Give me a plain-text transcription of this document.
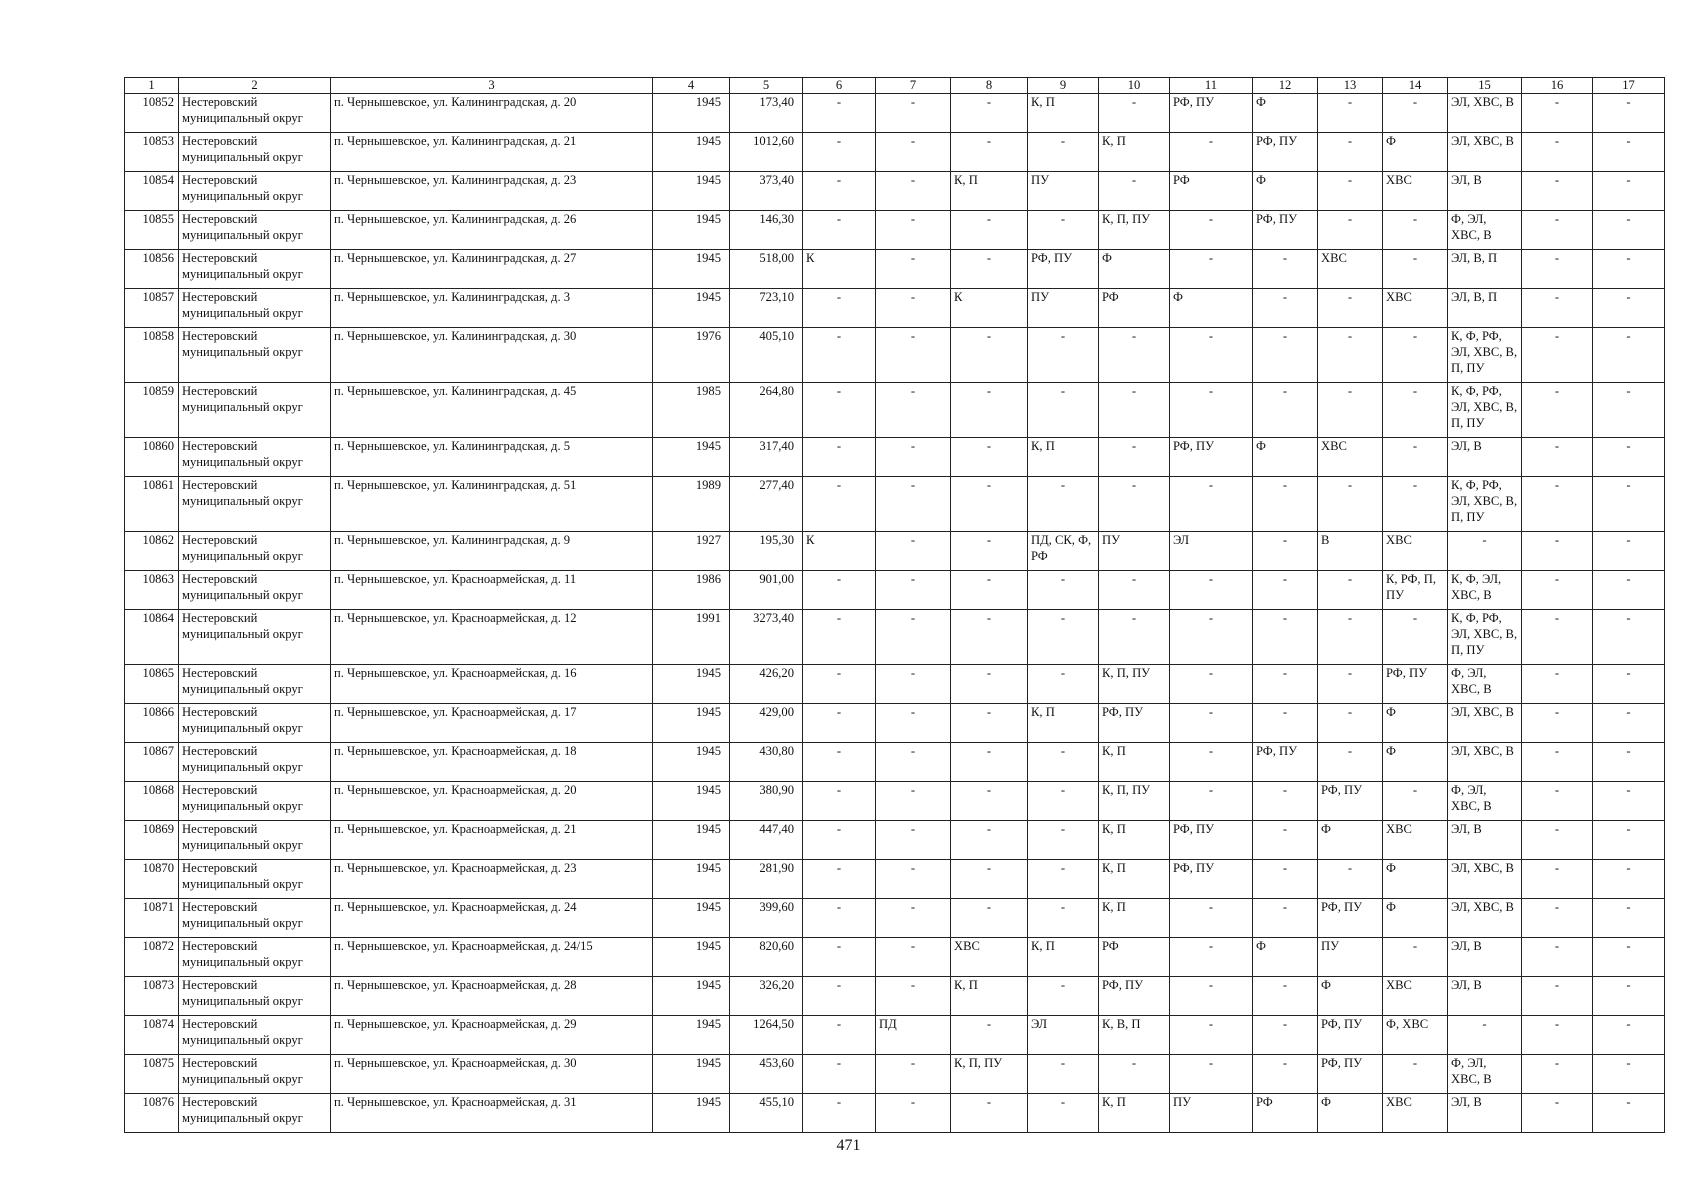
1	2	3	4	5	6	7	8	9	10	11	12	13	14	15	16	17
10852	Нестеровский муниципальный округ	п. Чернышевское, ул. Калининградская, д. 20	1945	173,40	-	-	-	К, П	-	РФ, ПУ	Ф	-	-	ЭЛ, ХВС, В	-	-
10853	Нестеровский муниципальный округ	п. Чернышевское, ул. Калининградская, д. 21	1945	1012,60	-	-	-	-	К, П	-	РФ, ПУ	-	Ф	ЭЛ, ХВС, В	-	-
10854	Нестеровский муниципальный округ	п. Чернышевское, ул. Калининградская, д. 23	1945	373,40	-	-	К, П	ПУ	-	РФ	Ф	-	ХВС	ЭЛ, В	-	-
10855	Нестеровский муниципальный округ	п. Чернышевское, ул. Калининградская, д. 26	1945	146,30	-	-	-	-	К, П, ПУ	-	РФ, ПУ	-	-	Ф, ЭЛ, ХВС, В	-	-
10856	Нестеровский муниципальный округ	п. Чернышевское, ул. Калининградская, д. 27	1945	518,00	К	-	-	РФ, ПУ	Ф	-	-	ХВС	-	ЭЛ, В, П	-	-
10857	Нестеровский муниципальный округ	п. Чернышевское, ул. Калининградская, д. 3	1945	723,10	-	-	К	ПУ	РФ	Ф	-	-	ХВС	ЭЛ, В, П	-	-
10858	Нестеровский муниципальный округ	п. Чернышевское, ул. Калининградская, д. 30	1976	405,10	-	-	-	-	-	-	-	-	-	К, Ф, РФ, ЭЛ, ХВС, В, П, ПУ	-	-
10859	Нестеровский муниципальный округ	п. Чернышевское, ул. Калининградская, д. 45	1985	264,80	-	-	-	-	-	-	-	-	-	К, Ф, РФ, ЭЛ, ХВС, В, П, ПУ	-	-
10860	Нестеровский муниципальный округ	п. Чернышевское, ул. Калининградская, д. 5	1945	317,40	-	-	-	К, П	-	РФ, ПУ	Ф	ХВС	-	ЭЛ, В	-	-
10861	Нестеровский муниципальный округ	п. Чернышевское, ул. Калининградская, д. 51	1989	277,40	-	-	-	-	-	-	-	-	-	К, Ф, РФ, ЭЛ, ХВС, В, П, ПУ	-	-
10862	Нестеровский муниципальный округ	п. Чернышевское, ул. Калининградская, д. 9	1927	195,30	К	-	-	ПД, СК, Ф, РФ	ПУ	ЭЛ	-	В	ХВС	-	-	-
10863	Нестеровский муниципальный округ	п. Чернышевское, ул. Красноармейская, д. 11	1986	901,00	-	-	-	-	-	-	-	-	К, РФ, П, ПУ	К, Ф, ЭЛ, ХВС, В	-	-
10864	Нестеровский муниципальный округ	п. Чернышевское, ул. Красноармейская, д. 12	1991	3273,40	-	-	-	-	-	-	-	-	-	К, Ф, РФ, ЭЛ, ХВС, В, П, ПУ	-	-
10865	Нестеровский муниципальный округ	п. Чернышевское, ул. Красноармейская, д. 16	1945	426,20	-	-	-	-	К, П, ПУ	-	-	-	РФ, ПУ	Ф, ЭЛ, ХВС, В	-	-
10866	Нестеровский муниципальный округ	п. Чернышевское, ул. Красноармейская, д. 17	1945	429,00	-	-	-	К, П	РФ, ПУ	-	-	-	Ф	ЭЛ, ХВС, В	-	-
10867	Нестеровский муниципальный округ	п. Чернышевское, ул. Красноармейская, д. 18	1945	430,80	-	-	-	-	К, П	-	РФ, ПУ	-	Ф	ЭЛ, ХВС, В	-	-
10868	Нестеровский муниципальный округ	п. Чернышевское, ул. Красноармейская, д. 20	1945	380,90	-	-	-	-	К, П, ПУ	-	-	РФ, ПУ	-	Ф, ЭЛ, ХВС, В	-	-
10869	Нестеровский муниципальный округ	п. Чернышевское, ул. Красноармейская, д. 21	1945	447,40	-	-	-	-	К, П	РФ, ПУ	-	Ф	ХВС	ЭЛ, В	-	-
10870	Нестеровский муниципальный округ	п. Чернышевское, ул. Красноармейская, д. 23	1945	281,90	-	-	-	-	К, П	РФ, ПУ	-	-	Ф	ЭЛ, ХВС, В	-	-
10871	Нестеровский муниципальный округ	п. Чернышевское, ул. Красноармейская, д. 24	1945	399,60	-	-	-	-	К, П	-	-	РФ, ПУ	Ф	ЭЛ, ХВС, В	-	-
10872	Нестеровский муниципальный округ	п. Чернышевское, ул. Красноармейская, д. 24/15	1945	820,60	-	-	ХВС	К, П	РФ	-	Ф	ПУ	-	ЭЛ, В	-	-
10873	Нестеровский муниципальный округ	п. Чернышевское, ул. Красноармейская, д. 28	1945	326,20	-	-	К, П	-	РФ, ПУ	-	-	Ф	ХВС	ЭЛ, В	-	-
10874	Нестеровский муниципальный округ	п. Чернышевское, ул. Красноармейская, д. 29	1945	1264,50	-	ПД	-	ЭЛ	К, В, П	-	-	РФ, ПУ	Ф, ХВС	-	-	-
10875	Нестеровский муниципальный округ	п. Чернышевское, ул. Красноармейская, д. 30	1945	453,60	-	-	К, П, ПУ	-	-	-	-	РФ, ПУ	-	Ф, ЭЛ, ХВС, В	-	-
10876	Нестеровский муниципальный округ	п. Чернышевское, ул. Красноармейская, д. 31	1945	455,10	-	-	-	-	К, П	ПУ	РФ	Ф	ХВС	ЭЛ, В	-	-
471
